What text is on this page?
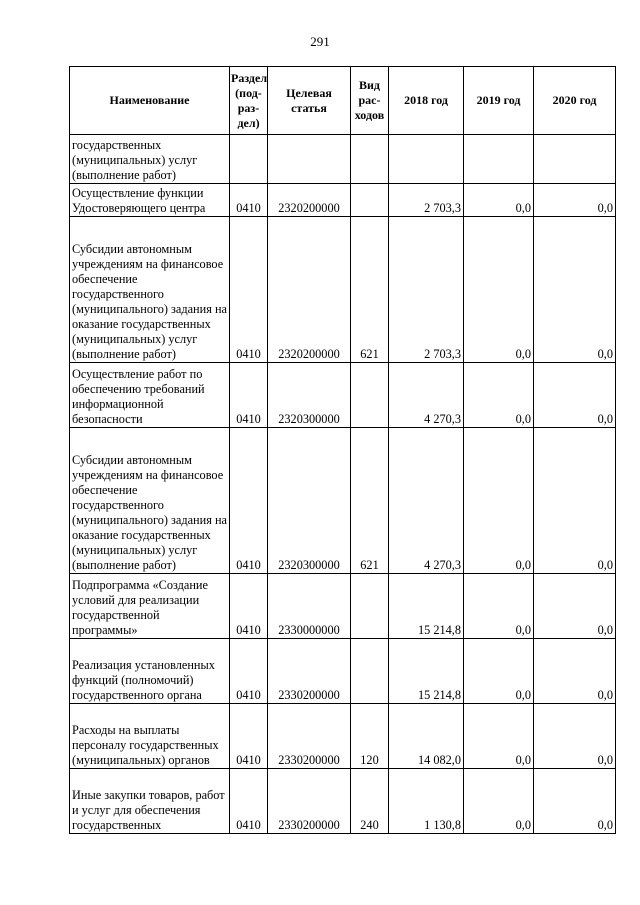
291
Наименование	Раздел (под-раз-дел)	Целевая статья	Вид рас-ходов	2018 год	2019 год	2020 год
государственных (муниципальных) услуг (выполнение работ)						
Осуществление функции Удостоверяющего центра	0410	2320200000		2 703,3	0,0	0,0
Субсидии автономным учреждениям на финансовое обеспечение государственного (муниципального) задания на оказание государственных (муниципальных) услуг (выполнение работ)	0410	2320200000	621	2 703,3	0,0	0,0
Осуществление работ по обеспечению требований информационной безопасности	0410	2320300000		4 270,3	0,0	0,0
Субсидии автономным учреждениям на финансовое обеспечение государственного (муниципального) задания на оказание государственных (муниципальных) услуг (выполнение работ)	0410	2320300000	621	4 270,3	0,0	0,0
Подпрограмма «Создание условий для реализации государственной программы»	0410	2330000000		15 214,8	0,0	0,0
Реализация установленных функций (полномочий) государственного органа	0410	2330200000		15 214,8	0,0	0,0
Расходы на выплаты персоналу государственных (муниципальных) органов	0410	2330200000	120	14 082,0	0,0	0,0
Иные закупки товаров, работ и услуг для обеспечения государственных	0410	2330200000	240	1 130,8	0,0	0,0
